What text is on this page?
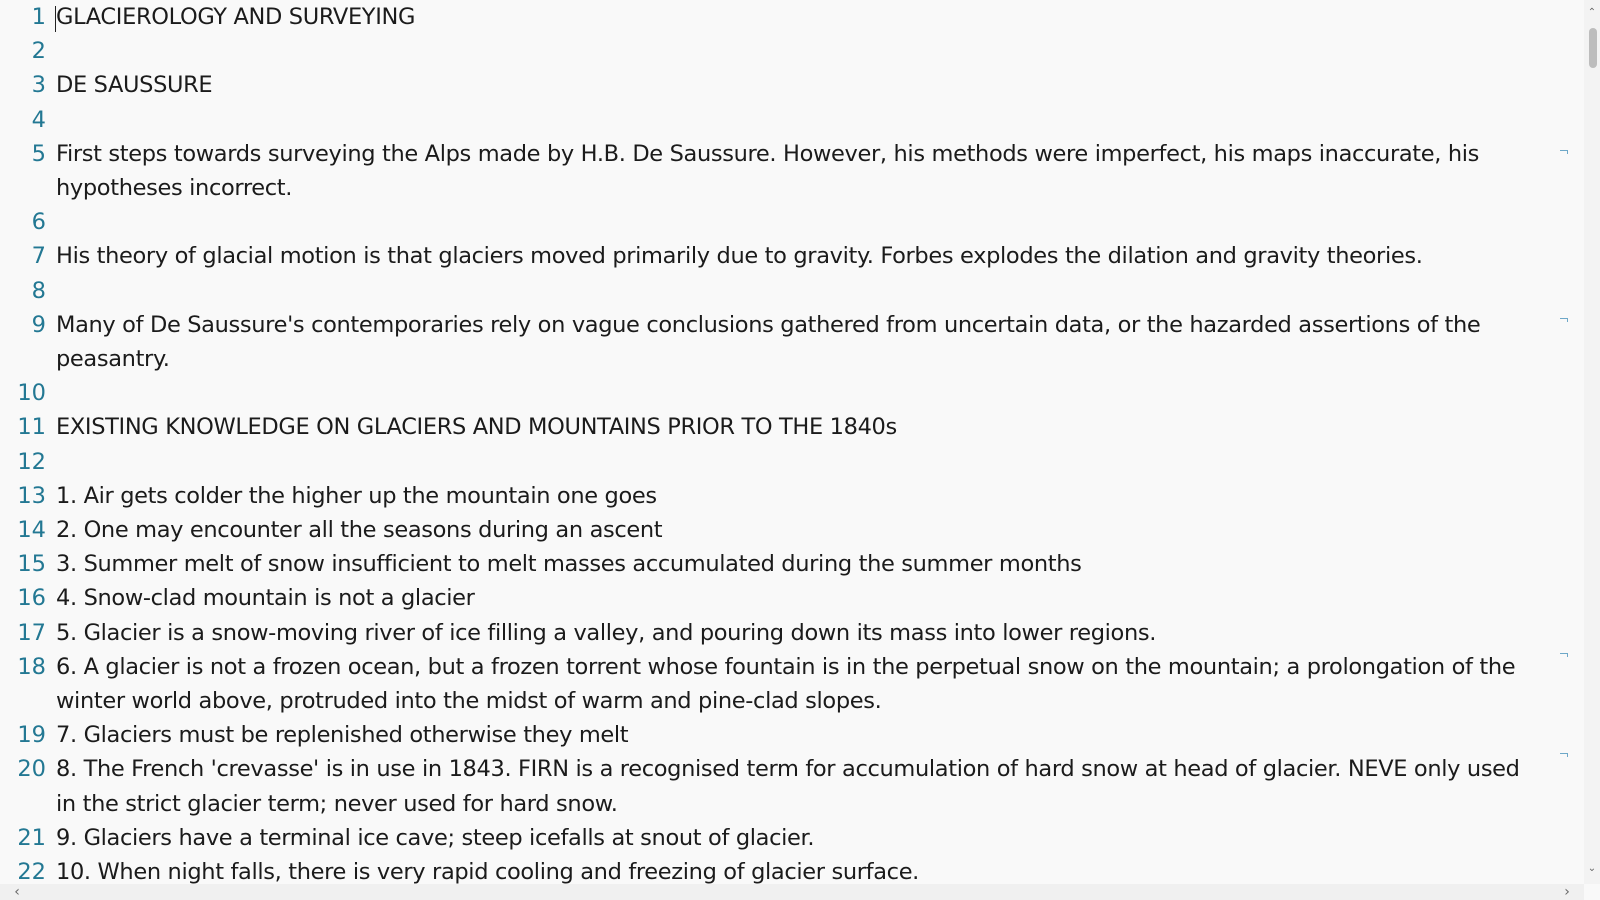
1 GLACIEROLOGY AND SURVEYING
2

3 DE SAUSSURE
4

5 First steps towards surveying the Alps made by H.B. De Saussure. However, his methods were imperfect, his maps inaccurate, his hypotheses incorrect.
6

7 His theory of glacial motion is that glaciers moved primarily due to gravity. Forbes explodes the dilation and gravity theories.
8

9 Many of De Saussure's contemporaries rely on vague conclusions gathered from uncertain data, or the hazarded assertions of the peasantry.
10

11 EXISTING KNOWLEDGE ON GLACIERS AND MOUNTAINS PRIOR TO THE 1840s
12

13 1. Air gets colder the higher up the mountain one goes
14 2. One may encounter all the seasons during an ascent
15 3. Summer melt of snow insufficient to melt masses accumulated during the summer months
16 4. Snow-clad mountain is not a glacier
17 5. Glacier is a snow-moving river of ice filling a valley, and pouring down its mass into lower regions.
18 6. A glacier is not a frozen ocean, but a frozen torrent whose fountain is in the perpetual snow on the mountain; a prolongation of the winter world above, protruded into the midst of warm and pine-clad slopes.
19 7. Glaciers must be replenished otherwise they melt
20 8. The French 'crevasse' is in use in 1843. FIRN is a recognised term for accumulation of hard snow at head of glacier. NEVE only used in the strict glacier term; never used for hard snow.
21 9. Glaciers have a terminal ice cave; steep icefalls at snout of glacier.
22 10. When night falls, there is very rapid cooling and freezing of glacier surface.
⌃
⌄
‹	›
